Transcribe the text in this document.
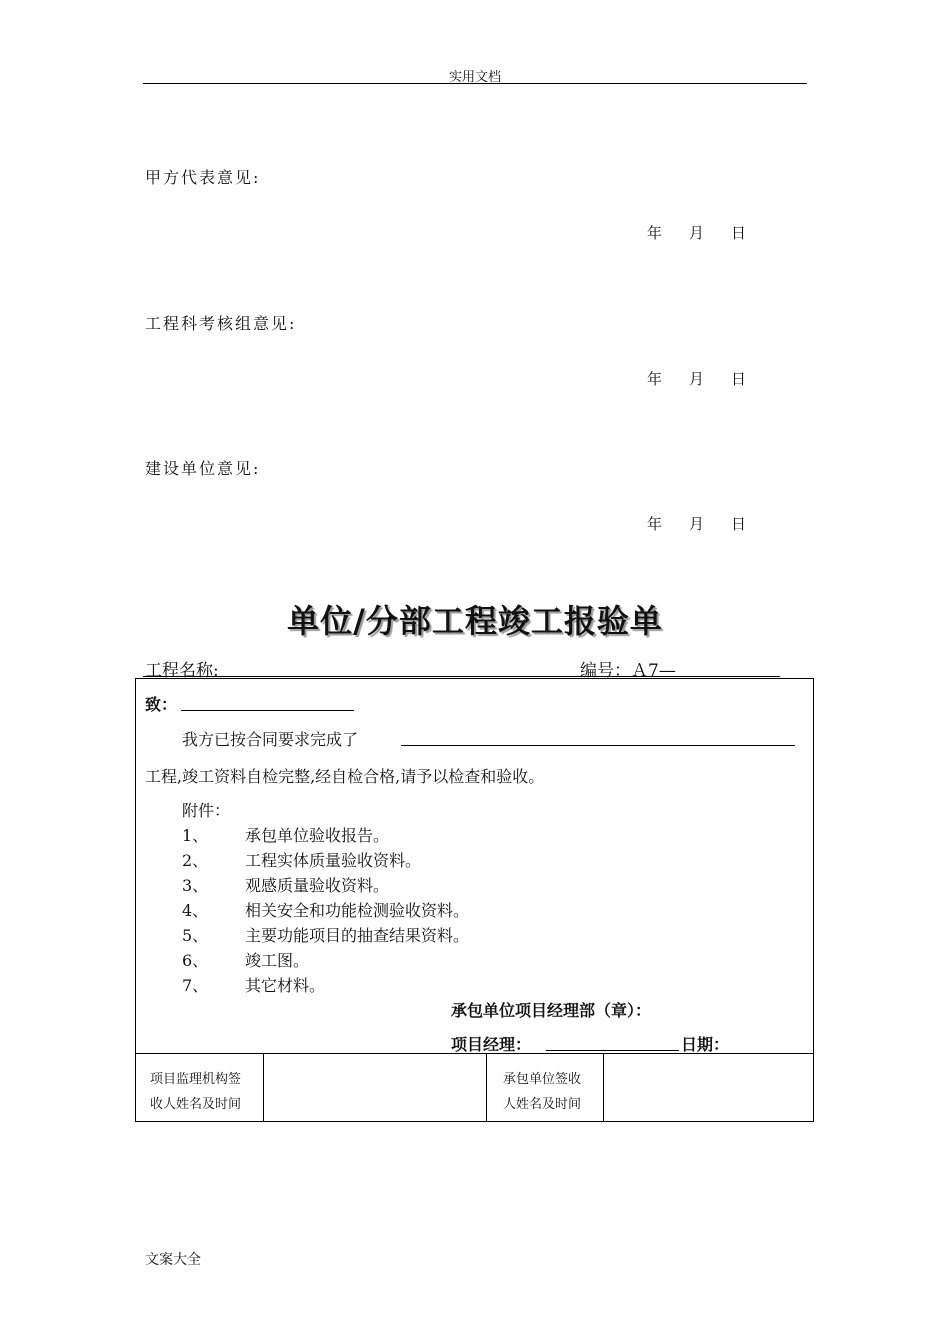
实用文档
甲方代表意见:
年 月 日
工程科考核组意见:
年 月 日
建设单位意见:
年 月 日
单位/分部工程竣工报验单
工程名称:	编号：Ａ7—
致：
我方已按合同要求完成了
工程,竣工资料自检完整,经自检合格,请予以检查和验收。
附件：
1、 承包单位验收报告。
2、 工程实体质量验收资料。
3、 观感质量验收资料。
4、 相关安全和功能检测验收资料。
5、 主要功能项目的抽查结果资料。
6、 竣工图。
7、 其它材料。
承包单位项目经理部（章）：
项目经理：	日期：
项目监理机构签
收人姓名及时间
承包单位签收
人姓名及时间
文案大全
